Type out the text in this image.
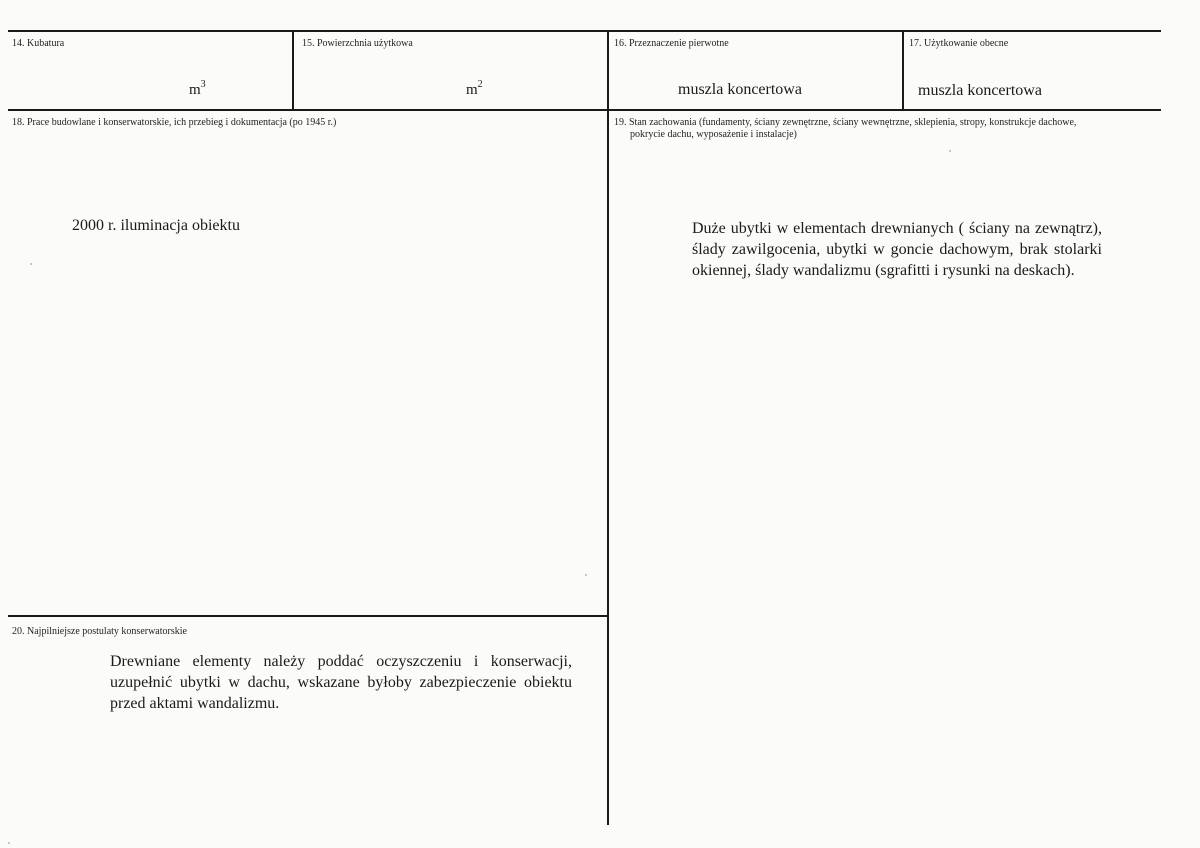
14. Kubatura
$m^3$
15. Powierzchnia użytkowa
$m^2$
16. Przeznaczenie pierwotne
muszla koncertowa
17. Użytkowanie obecne
muszla koncertowa
18. Prace budowlane i konserwatorskie, ich przebieg i dokumentacja (po 1945 r.)
2000 r. iluminacja obiektu
19. Stan zachowania (fundamenty, ściany zewnętrzne, ściany wewnętrzne, sklepienia, stropy, konstrukcje dachowe,
pokrycie dachu, wyposażenie i instalacje)
Duże ubytki w elementach drewnianych ( ściany na zewnątrz), ślady zawilgocenia, ubytki w goncie dachowym, brak stolarki okiennej, ślady wandalizmu (sgrafitti i rysunki na deskach).
20. Najpilniejsze postulaty konserwatorskie
Drewniane elementy należy poddać oczyszczeniu i konserwacji, uzupełnić ubytki w dachu, wskazane byłoby zabezpieczenie obiektu przed aktami wandalizmu.
